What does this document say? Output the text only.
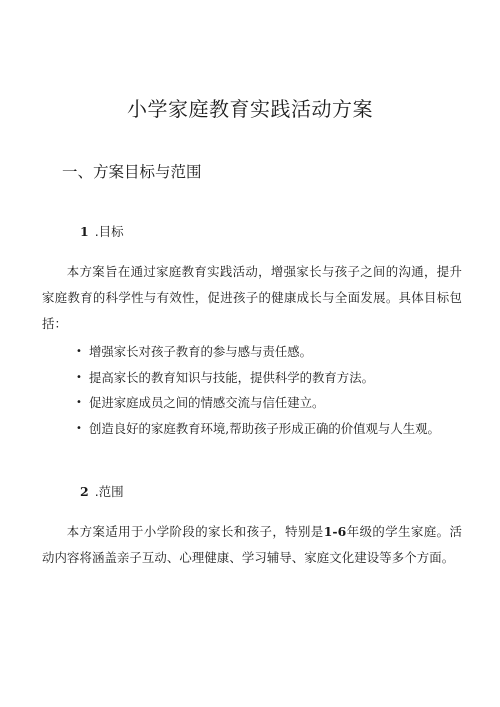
小学家庭教育实践活动方案
一、方案目标与范围
1 .目标

本方案旨在通过家庭教育实践活动，增强家长与孩子之间的沟通，提升家庭教育的科学性与有效性，促进孩子的健康成长与全面发展。具体目标包括：

• 增强家长对孩子教育的参与感与责任感。
• 提高家长的教育知识与技能，提供科学的教育方法。
• 促进家庭成员之间的情感交流与信任建立。
• 创造良好的家庭教育环境,帮助孩子形成正确的价值观与人生观。
2 .范围

本方案适用于小学阶段的家长和孩子，特别是1-6年级的学生家庭。活动内容将涵盖亲子互动、心理健康、学习辅导、家庭文化建设等多个方面。
